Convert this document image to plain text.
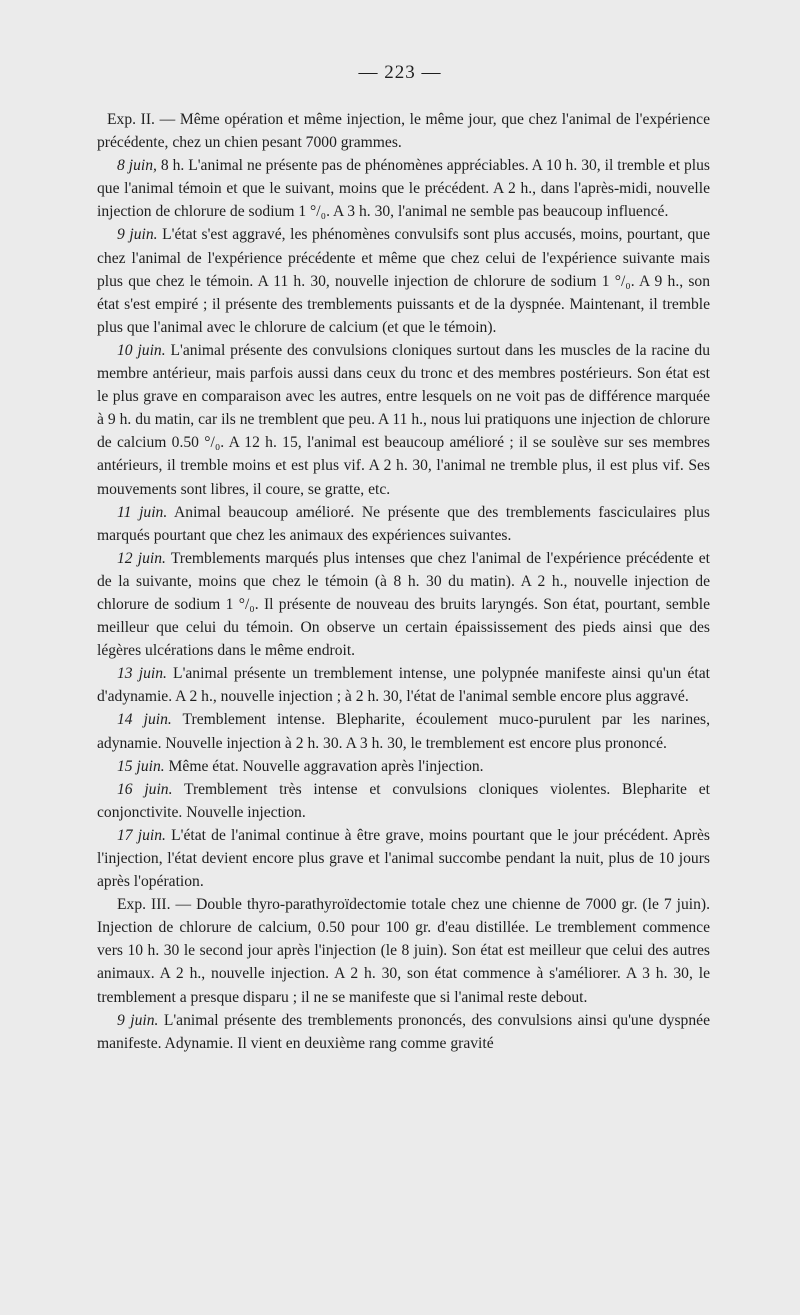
— 223 —

Exp. II. — Même opération et même injection, le même jour, que chez l'animal de l'expérience précédente, chez un chien pesant 7000 grammes.

8 juin, 8 h. L'animal ne présente pas de phénomènes appréciables. A 10 h. 30, il tremble et plus que l'animal témoin et que le suivant, moins que le précédent. A 2 h., dans l'après-midi, nouvelle injection de chlorure de sodium 1 °/₀. A 3 h. 30, l'animal ne semble pas beaucoup influencé.

9 juin. L'état s'est aggravé, les phénomènes convulsifs sont plus accusés, moins, pourtant, que chez l'animal de l'expérience précédente et même que chez celui de l'expérience suivante mais plus que chez le témoin. A 11 h. 30, nouvelle injection de chlorure de sodium 1 °/₀. A 9 h., son état s'est empiré ; il présente des tremblements puissants et de la dyspnée. Maintenant, il tremble plus que l'animal avec le chlorure de calcium (et que le témoin).

10 juin. L'animal présente des convulsions cloniques surtout dans les muscles de la racine du membre antérieur, mais parfois aussi dans ceux du tronc et des membres postérieurs. Son état est le plus grave en comparaison avec les autres, entre lesquels on ne voit pas de différence marquée à 9 h. du matin, car ils ne tremblent que peu. A 11 h., nous lui pratiquons une injection de chlorure de calcium 0.50 °/₀. A 12 h. 15, l'animal est beaucoup amélioré ; il se soulève sur ses membres antérieurs, il tremble moins et est plus vif. A 2 h. 30, l'animal ne tremble plus, il est plus vif. Ses mouvements sont libres, il coure, se gratte, etc.

11 juin. Animal beaucoup amélioré. Ne présente que des tremblements fasciculaires plus marqués pourtant que chez les animaux des expériences suivantes.

12 juin. Tremblements marqués plus intenses que chez l'animal de l'expérience précédente et de la suivante, moins que chez le témoin (à 8 h. 30 du matin). A 2 h., nouvelle injection de chlorure de sodium 1 °/₀. Il présente de nouveau des bruits laryngés. Son état, pourtant, semble meilleur que celui du témoin. On observe un certain épaississement des pieds ainsi que des légères ulcérations dans le même endroit.

13 juin. L'animal présente un tremblement intense, une polypnée manifeste ainsi qu'un état d'adynamie. A 2 h., nouvelle injection ; à 2 h. 30, l'état de l'animal semble encore plus aggravé.

14 juin. Tremblement intense. Blepharite, écoulement muco-purulent par les narines, adynamie. Nouvelle injection à 2 h. 30. A 3 h. 30, le tremblement est encore plus prononcé.

15 juin. Même état. Nouvelle aggravation après l'injection.

16 juin. Tremblement très intense et convulsions cloniques violentes. Blepharite et conjonctivite. Nouvelle injection.

17 juin. L'état de l'animal continue à être grave, moins pourtant que le jour précédent. Après l'injection, l'état devient encore plus grave et l'animal succombe pendant la nuit, plus de 10 jours après l'opération.

Exp. III. — Double thyro-parathyroïdectomie totale chez une chienne de 7000 gr. (le 7 juin). Injection de chlorure de calcium, 0.50 pour 100 gr. d'eau distillée. Le tremblement commence vers 10 h. 30 le second jour après l'injection (le 8 juin). Son état est meilleur que celui des autres animaux. A 2 h., nouvelle injection. A 2 h. 30, son état commence à s'améliorer. A 3 h. 30, le tremblement a presque disparu ; il ne se manifeste que si l'animal reste debout.

9 juin. L'animal présente des tremblements prononcés, des convulsions ainsi qu'une dyspnée manifeste. Adynamie. Il vient en deuxième rang comme gravité
